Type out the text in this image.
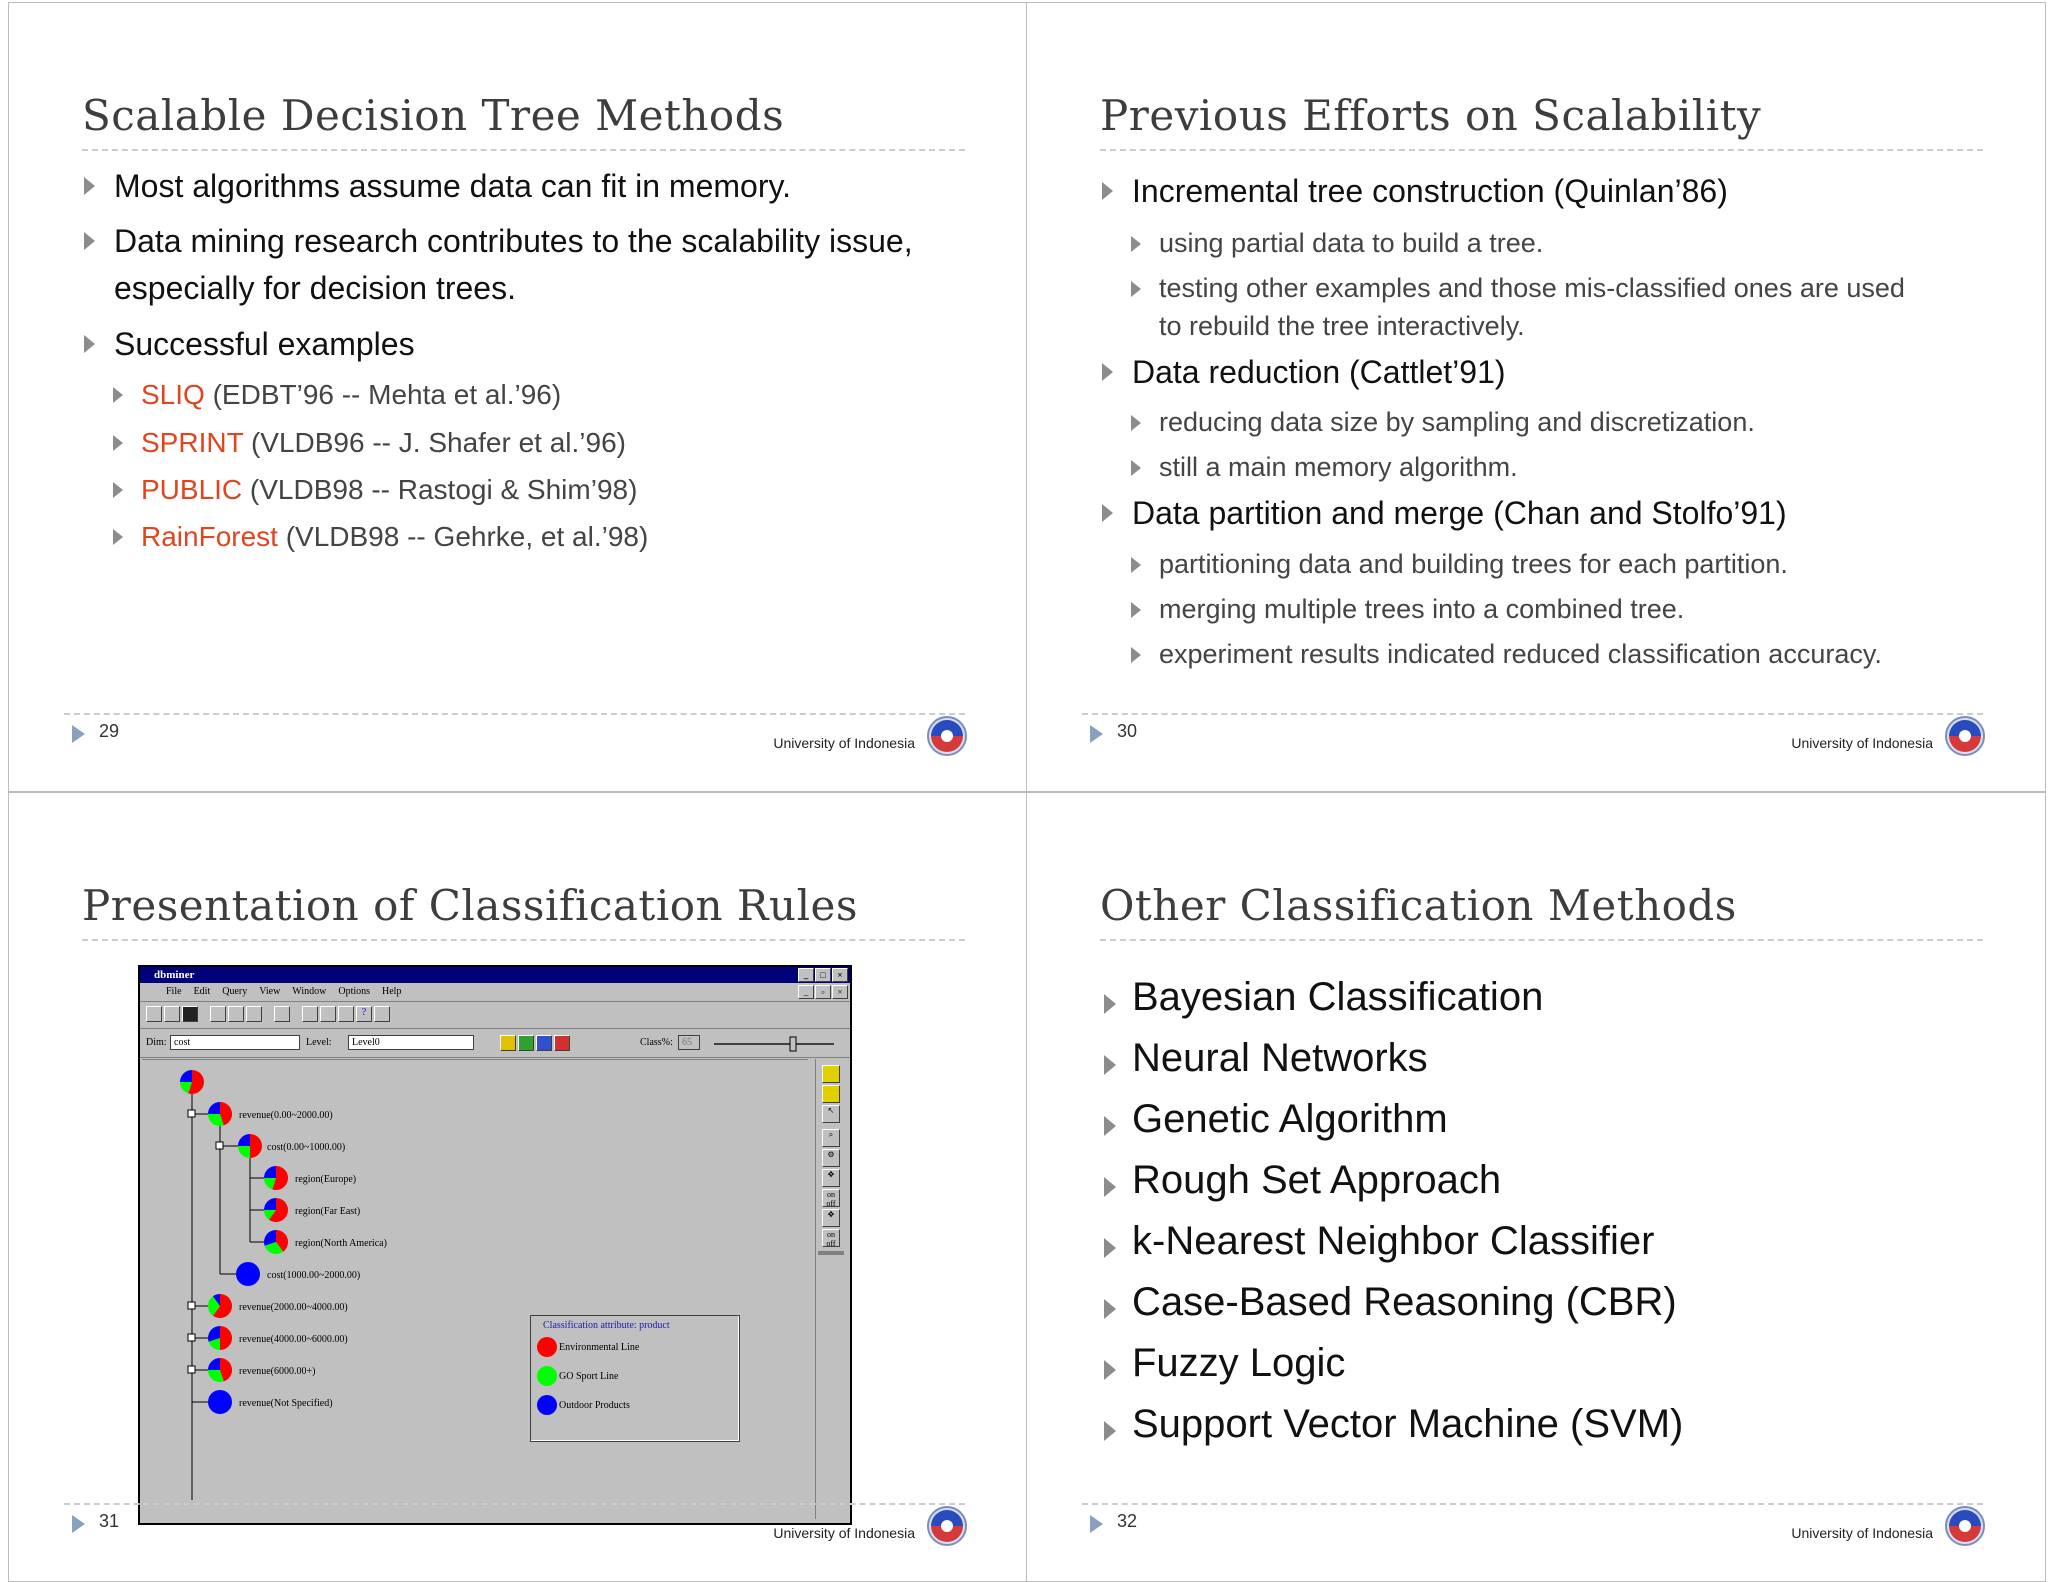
Scalable Decision Tree Methods
Most algorithms assume data can fit in memory.
Data mining research contributes to the scalability issue,
especially for decision trees.
Successful examples
SLIQ (EDBT’96 -- Mehta et al.’96)
SPRINT (VLDB96 -- J. Shafer et al.’96)
PUBLIC (VLDB98 -- Rastogi & Shim’98)
RainForest (VLDB98 -- Gehrke, et al.’98)
29
University of Indonesia
Previous Efforts on Scalability
Incremental tree construction (Quinlan’86)
using partial data to build a tree.
testing other examples and those mis-classified ones are used
to rebuild the tree interactively.
Data reduction (Cattlet’91)
reducing data size by sampling and discretization.
still a main memory algorithm.
Data partition and merge (Chan and Stolfo’91)
partitioning data and building trees for each partition.
merging multiple trees into a combined tree.
experiment results indicated reduced classification accuracy.
30
University of Indonesia
Presentation of Classification Rules
dbminer	_	□	×
File Edit Query View Window Options Help	_	▫	×
?
Dim: cost	Level:	Level0	Class%: 65
revenue(0.00~2000.00)
cost(0.00~1000.00)
region(Europe)
region(Far East)
region(North America)
cost(1000.00~2000.00)
revenue(2000.00~4000.00)
revenue(4000.00~6000.00)
revenue(6000.00+)
revenue(Not Specified)
Classification attribute: product
Environmental Line
GO Sport Line
Outdoor Products
↖
⌕
⚙
✥
on
off
✥
on
off
31
University of Indonesia
Other Classification Methods
Bayesian Classification
Neural Networks
Genetic Algorithm
Rough Set Approach
k-Nearest Neighbor Classifier
Case-Based Reasoning (CBR)
Fuzzy Logic
Support Vector Machine (SVM)
32
University of Indonesia
